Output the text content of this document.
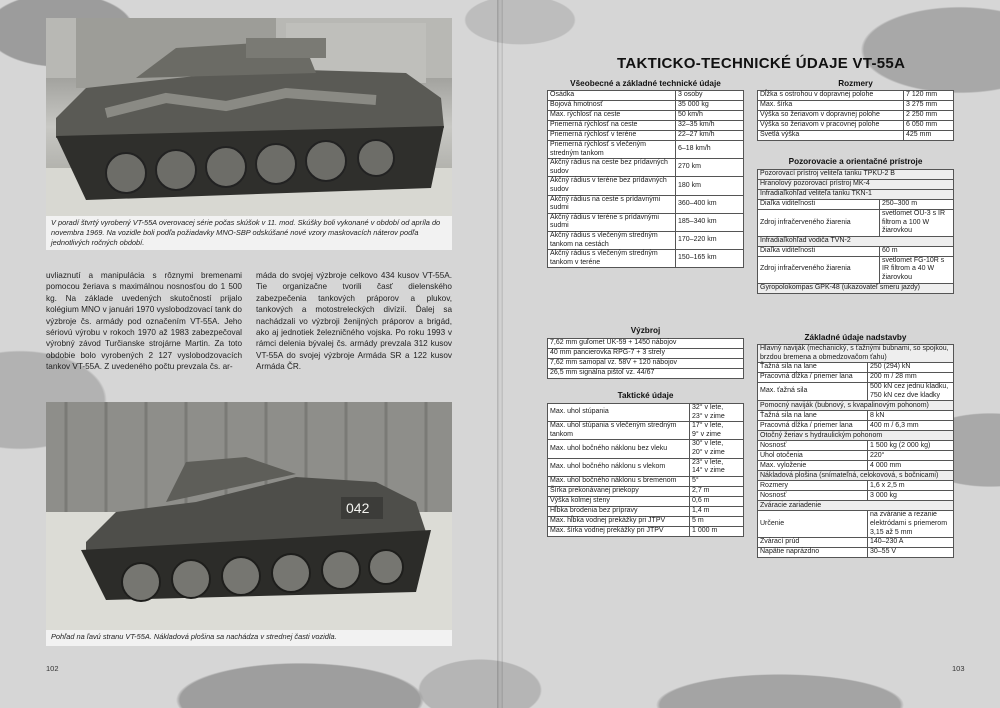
V poradí štvrtý vyrobený VT-55A overovacej série počas skúšok v 11. mod. Skúšky boli vykonané v období od apríla do novembra 1969. Na vozidle boli podľa požiadavky MNO-SBP odskúšané nové vzory maskovacích náterov podľa jednotlivých ročných období.
uvliaznutí a manipulácia s rôznymi bremenami pomocou žeriava s maximálnou nosnosťou do 1 500 kg. Na základe uvedených skutočností prijalo kolégium MNO v januári 1970 vyslobodzovací tank do výzbroje čs. armády pod označením VT-55A. Jeho sériovú výrobu v rokoch 1970 až 1983 zabezpečoval výrobný závod Turčianske strojárne Martin. Za toto obdobie bolo vyrobených 2 127 vyslobodzovacích tankov VT-55A. Z uvedeného počtu prevzala čs. ar-
máda do svojej výzbroje celkovo 434 kusov VT-55A. Tie organizačne tvorili časť dielenského zabezpečenia tankových práporov a plukov, tankových a motostreleckých divízií. Ďalej sa nachádzali vo výzbroji ženijných práporov a brigád, ako aj jednotiek železničného vojska. Po roku 1993 v rámci delenia bývalej čs. armády prevzala 312 kusov VT-55A do svojej výzbroje Armáda SR a 122 kusov Armáda ČR.
042
Pohľad na ľavú stranu VT-55A. Nákladová plošina sa nachádza v strednej časti vozidla.
102
TAKTICKO-TECHNICKÉ ÚDAJE VT-55A
Všeobecné a základné technické údaje
Osádka	3 osoby
Bojová hmotnosť	35 000 kg
Max. rýchlosť na ceste	50 km/h
Priemerná rýchlosť na ceste	32–35 km/h
Priemerná rýchlosť v teréne	22–27 km/h
Priemerná rýchlosť s vlečeným stredným tankom	6–18 km/h
Akčný rádius na ceste bez prídavných sudov	270 km
Akčný rádius v teréne bez prídavných sudov	180 km
Akčný rádius na ceste s prídavnými sudmi	360–400 km
Akčný rádius v teréne s prídavnými sudmi	185–340 km
Akčný rádius s vlečeným stredným tankom na cestách	170–220 km
Akčný rádius s vlečeným stredným tankom v teréne	150–165 km
Výzbroj
7,62 mm guľomet UK-59 + 1450 nábojov
40 mm pancierovka RPG-7 + 3 strely
7,62 mm samopal vz. 58V + 120 nábojov
26,5 mm signálna pištoľ vz. 44/67
Taktické údaje
Max. uhol stúpania	32° v lete,
23° v zime
Max. uhol stúpania s vlečeným stredným tankom	17° v lete,
9° v zime
Max. uhol bočného náklonu bez vleku	30° v lete,
20° v zime
Max. uhol bočného náklonu s vlekom	23° v lete,
14° v zime
Max. uhol bočného náklonu s bremenom	5°
Šírka prekonávanej priekopy	2,7 m
Výška kolmej steny	0,6 m
Hĺbka brodenia bez prípravy	1,4 m
Max. hĺbka vodnej prekážky pri JTPV	5 m
Max. šírka vodnej prekážky pri JTPV	1 000 m
Rozmery
Dĺžka s ostrohou v dopravnej polohe	7 120 mm
Max. šírka	3 275 mm
Výška so žeriavom v dopravnej polohe	2 250 mm
Výška so žeriavom v pracovnej polohe	6 050 mm
Svetlá výška	425 mm
Pozorovacie a orientačné prístroje
Pozorovací prístroj veliteľa tanku TPKU-2 B	
Hranolový pozorovací prístroj MK-4	
Infradiaľkohľad veliteľa tanku TKN-1	
Diaľka viditeľnosti	250–300 m
Zdroj infračerveného žiarenia	svetlomet OU-3 s IR filtrom a 100 W žiarovkou
Infradiaľkohľad vodiča TVN-2	
Diaľka viditeľnosti	60 m
Zdroj infračerveného žiarenia	svetlomet FG-10R s IR filtrom a 40 W žiarovkou
Gyropolokompas GPK-48 (ukazovateľ smeru jazdy)	
Základné údaje nadstavby
Hlavný naviják (mechanický, s ťažnými bubnami, so spojkou, brzdou bremena a obmedzovačom ťahu)	
Ťažná sila na lane	250 (294) kN
Pracovná dĺžka / priemer lana	200 m / 28 mm
Max. ťažná sila	500 kN cez jednu kladku, 750 kN cez dve kladky
Pomocný naviják (bubnový, s kvapalinovým pohonom)	
Ťažná sila na lane	8 kN
Pracovná dĺžka / priemer lana	400 m / 6,3 mm
Otočný žeriav s hydraulickým pohonom	
Nosnosť	1 500 kg (2 000 kg)
Uhol otočenia	220°
Max. vyloženie	4 000 mm
Nákladová plošina (snímateľná, celokovová, s bočnicami)	
Rozmery	1,6 x 2,5 m
Nosnosť	3 000 kg
Zváracie zariadenie	
Určenie	na zváranie a rezanie elektródami s priemerom 3,15 až 5 mm
Zvárací prúd	140–230 A
Napätie naprázdno	30–55 V
103
